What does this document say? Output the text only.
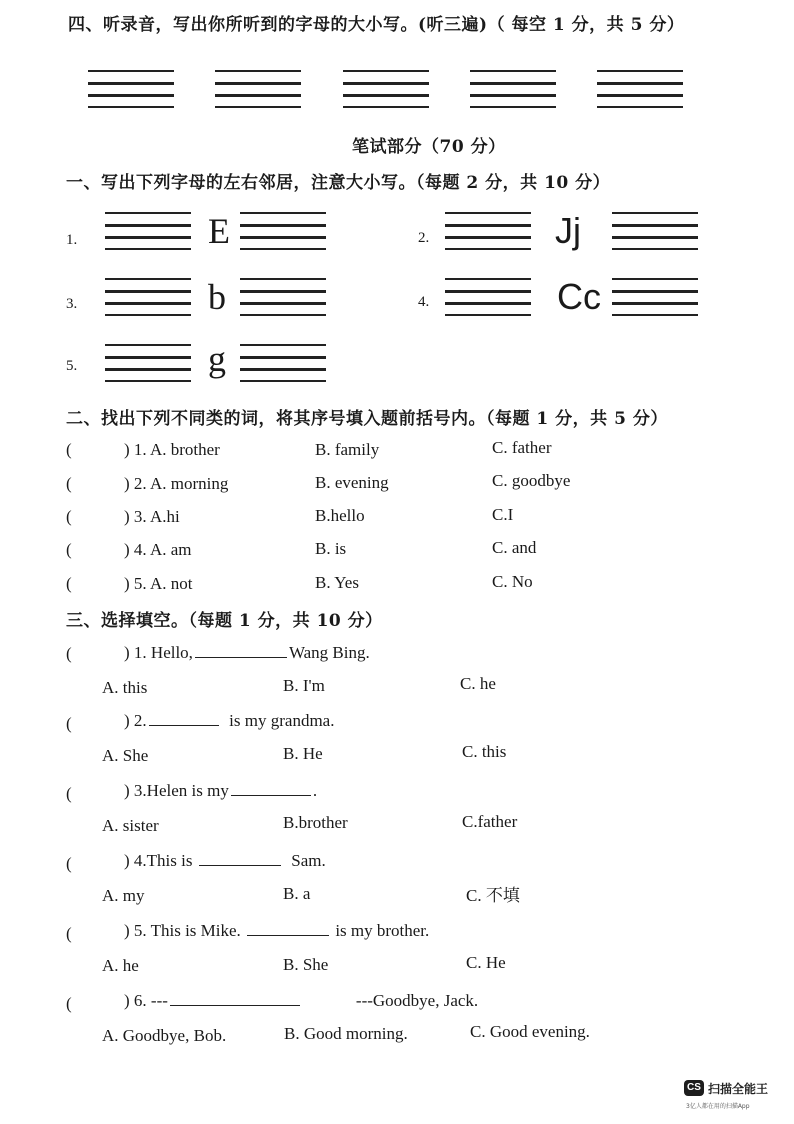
四、听录音，写出你所听到的字母的大小写。(听三遍)（ 每空 1 分，共 5 分）
笔试部分（70 分）
一、写出下列字母的左右邻居，注意大小写。（每题 2 分，共 10 分）
1.	E	2.	Jj
3.	b	4.	Cc
5.	g
二、找出下列不同类的词，将其序号填入题前括号内。（每题 1 分，共 5 分）
(	) 1. A. brother	B. family	C. father
(	) 2. A. morning	B. evening	C. goodbye
(	) 3. A.hi	B.hello	C.I
(	) 4. A. am	B. is	C. and
(	) 5. A. not	B. Yes	C. No
三、选择填空。（每题 1 分，共 10 分）
(	) 1. Hello,	Wang Bing.
A. this	B. I'm	C. he
(	) 2.	is my grandma.
A. She	B. He	C. this
(	) 3.Helen is my	.
A. sister	B.brother	C.father
(	) 4.This is	Sam.
A. my	B. a	C. 不填
(	) 5. This is Mike.	is my brother.
A. he	B. She	C. He
(	) 6. ---	---Goodbye, Jack.
A. Goodbye, Bob.	B. Good morning.	C. Good evening.
CS 扫描全能王
3亿人都在用的扫描App
